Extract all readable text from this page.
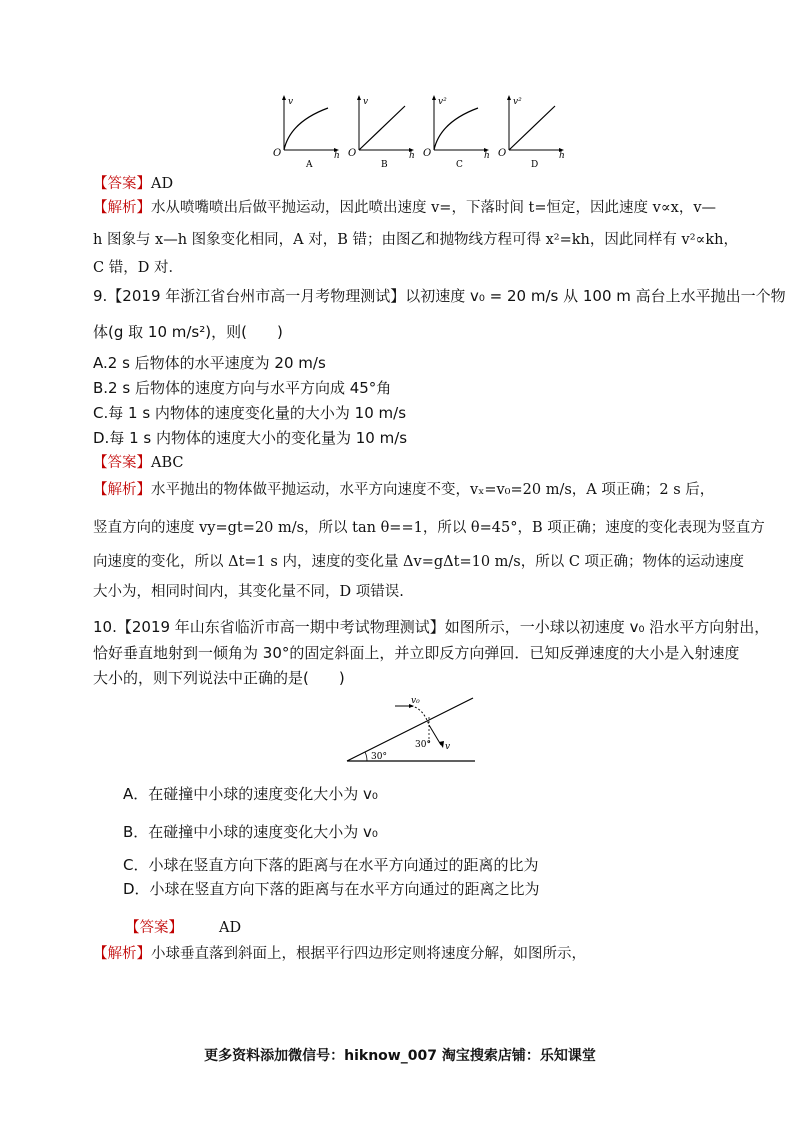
v
O	h
A
v
O	h
B
v²
O	h
C
v²
O	h
D
【答案】AD
【解析】水从喷嘴喷出后做平抛运动，因此喷出速度 v=，下落时间 t=恒定，因此速度 v∝x，v—
h 图象与 x—h 图象变化相同，A 对，B 错；由图乙和抛物线方程可得 x²=kh，因此同样有 v²∝kh，
C 错，D 对．
9.【2019 年浙江省台州市高一月考物理测试】以初速度 v₀ = 20 m/s 从 100 m 高台上水平抛出一个物
体(g 取 10 m/s²)，则(　　)
A.2 s 后物体的水平速度为 20 m/s
B.2 s 后物体的速度方向与水平方向成 45°角
C.每 1 s 内物体的速度变化量的大小为 10 m/s
D.每 1 s 内物体的速度大小的变化量为 10 m/s
【答案】ABC
【解析】水平抛出的物体做平抛运动，水平方向速度不变，vₓ=v₀=20 m/s，A 项正确；2 s 后，
竖直方向的速度 vy=gt=20 m/s，所以 tan θ==1，所以 θ=45°，B 项正确；速度的变化表现为竖直方
向速度的变化，所以 Δt=1 s 内，速度的变化量 Δv=gΔt=10 m/s，所以 C 项正确；物体的运动速度
大小为，相同时间内，其变化量不同，D 项错误.
10.【2019 年山东省临沂市高一期中考试物理测试】如图所示，一小球以初速度 v₀ 沿水平方向射出，
恰好垂直地射到一倾角为 30°的固定斜面上，并立即反方向弹回．已知反弹速度的大小是入射速度
大小的，则下列说法中正确的是(　　)
30°
v₀
v
30°
A．在碰撞中小球的速度变化大小为 v₀
B．在碰撞中小球的速度变化大小为 v₀
C．小球在竖直方向下落的距离与在水平方向通过的距离的比为
D．小球在竖直方向下落的距离与在水平方向通过的距离之比为
【答案】 AD
【解析】小球垂直落到斜面上，根据平行四边形定则将速度分解，如图所示，
更多资料添加微信号：hiknow_007 淘宝搜索店铺：乐知课堂
